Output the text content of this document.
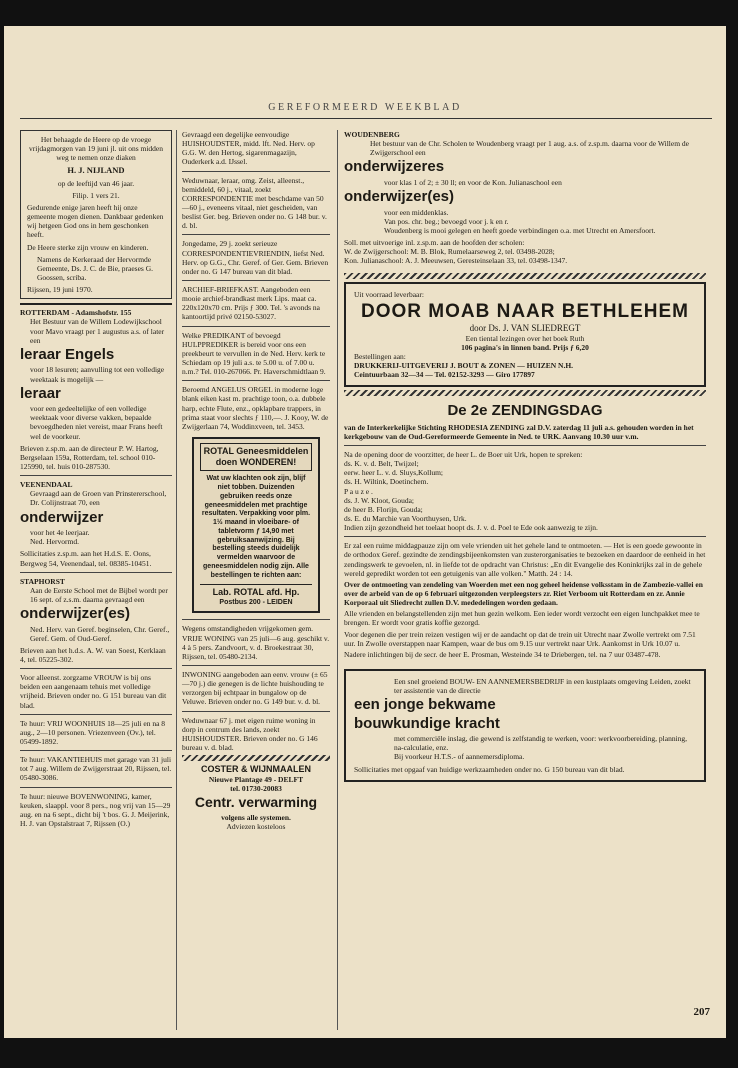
GEREFORMEERD WEEKBLAD

Het behaagde de Heere op de vroege vrijdagmorgen van 19 juni jl. uit ons midden weg te nemen onze diaken

H. J. NIJLAND

op de leeftijd van 46 jaar.

Filip. 1 vers 21.

Gedurende enige jaren heeft hij onze gemeente mogen dienen. Dankbaar gedenken wij hetgeen God ons in hem geschonken heeft.

De Heere sterke zijn vrouw en kinderen.

Namens de Kerkeraad der Hervormde Gemeente, Ds. J. C. de Bie, praeses G. Goossen, scriba.

Rijssen, 19 juni 1970.

ROTTERDAM - Adamshofstr. 155

Het Bestuur van de Willem Lodewijkschool voor Mavo vraagt per 1 augustus a.s. of later een

leraar Engels

voor 18 lesuren; aanvulling tot een volledige weektaak is mogelijk —

leraar

voor een gedeeltelijke of een volledige weektaak voor diverse vakken, bepaalde bevoegdheden niet vereist, maar Frans heeft wel de voorkeur.

Brieven z.sp.m. aan de directeur P. W. Hartog, Bergselaan 159a, Rotterdam, tel. school 010-125990, tel. huis 010-287530.

VEENENDAAL

Gevraagd aan de Groen van Prinstererschool, Dr. Colijnstraat 70, een

onderwijzer

voor het 4e leerjaar.

Ned. Hervormd.

Sollicitaties z.sp.m. aan het H.d.S. E. Oons, Bergweg 54, Veenendaal, tel. 08385-10451.

STAPHORST

Aan de Eerste School met de Bijbel wordt per 16 sept. of z.s.m. daarna gevraagd een

onderwijzer(es)

Ned. Herv. van Geref. beginselen, Chr. Geref., Geref. Gem. of Oud-Geref.

Brieven aan het h.d.s. A. W. van Soest, Kerklaan 4, tel. 05225-302.

Voor alleenst. zorgzame VROUW is bij ons beiden een aangenaam tehuis met volledige vrijheid. Brieven onder no. G 151 bureau van dit blad.

Te huur: VRIJ WOONHUIS 18—25 juli en na 8 aug., 2—10 personen. Vriezenveen (Ov.), tel. 05499-1892.

Te huur: VAKANTIEHUIS met garage van 31 juli tot 7 aug. Willem de Zwijgerstraat 20, Rijssen, tel. 05480-3086.

Te huur: nieuwe BOVENWONING, kamer, keuken, slaappl. voor 8 pers., nog vrij van 15—29 aug. en na 6 sept., dicht bij 't bos. G. J. Meijerink, H. J. van Opstalstraat 7, Rijssen (O.)

Gevraagd een degelijke eenvoudige HUISHOUDSTER, midd. lft. Ned. Herv. op G.G. W. den Hertog, sigarenmagazijn, Ouderkerk a.d. IJssel.

Weduwnaar, leraar, omg. Zeist, alleenst., bemiddeld, 60 j., vitaal, zoekt CORRESPONDENTIE met beschdame van 50—60 j., eveneens vitaal, niet gescheiden, van beslist Ger. beg. Brieven onder no. G 148 bur. v. d. bl.

Jongedame, 29 j. zoekt serieuze CORRESPONDENTIEVRIENDIN, liefst Ned. Herv. op G.G., Chr. Geref. of Ger. Gem. Brieven onder no. G 147 bureau van dit blad.

ARCHIEF-BRIEFKAST. Aangeboden een mooie archief-brandkast merk Lips. maat ca. 220x120x70 cm. Prijs ƒ 300. Tel. 's avonds na kantoortijd privé 02150-53027.

Welke PREDIKANT of bevoegd HULPPREDIKER is bereid voor ons een preekbeurt te vervullen in de Ned. Herv. kerk te Schiedam op 19 juli a.s. te 5.00 u. of 7.00 u. n.m.? Tel. 010-267066. Pr. Haverschmidtlaan 9.

Beroemd ANGELUS ORGEL in moderne loge blank eiken kast m. prachtige toon, o.a. dubbele harp, echte Flute, enz., opklapbare trappers, in prima staat voor slechts ƒ 110,—. J. Kooy, W. de Zwijgerlaan 74, Woddinxveen, tel. 3453.

ROTAL Geneesmiddelen doen WONDEREN!

Wat uw klachten ook zijn, blijf niet tobben. Duizenden gebruiken reeds onze geneesmiddelen met prachtige resultaten. Verpakking voor plm. 1½ maand in vloeibare- of tabletvorm ƒ 14,90 met gebruiksaanwijzing. Bij bestelling steeds duidelijk vermelden waarvoor de geneesmiddelen nodig zijn. Alle bestellingen te richten aan:

Lab. ROTAL afd. Hp.

Postbus 200 - LEIDEN

Wegens omstandigheden vrijgekomen gem. VRIJE WONING van 25 juli—6 aug. geschikt v. 4 à 5 pers. Zandvoort, v. d. Broekestraat 30, Rijssen, tel. 05480-2134.

INWONING aangeboden aan eenv. vrouw (± 65—70 j.) die genegen is de lichte huishouding te verzorgen bij echtpaar in bungalow op de Veluwe. Brieven onder no. G 149 bur. v. d. bl.

Weduwnaar 67 j. met eigen ruime woning in dorp in centrum des lands, zoekt HUISHOUDSTER. Brieven onder no. G 146 bureau v. d. blad.

COSTER & WIJNMAALEN

Nieuwe Plantage 49 - DELFT

tel. 01730-20083

Centr. verwarming

volgens alle systemen.

Adviezen kosteloos

WOUDENBERG

Het bestuur van de Chr. Scholen te Woudenberg vraagt per 1 aug. a.s. of z.sp.m. daarna voor de Willem de Zwijgerschool een

onderwijzeres

voor klas 1 of 2; ± 30 ll; en voor de Kon. Julianaschool een

onderwijzer(es)

voor een middenklas.

Van pos. chr. beg.; bevoegd voor j. k en r.

Woudenberg is mooi gelegen en heeft goede verbindingen o.a. met Utrecht en Amersfoort.

Soll. met uitvoerige inl. z.sp.m. aan de hoofden der scholen:

W. de Zwijgerschool: M. B. Blok, Rumelaarseweg 2, tel. 03498-2028;

Kon. Julianaschool: A. J. Meeuwsen, Geresteinselaan 33, tel. 03498-1347.

Uit voorraad leverbaar:

DOOR MOAB NAAR BETHLEHEM

door Ds. J. VAN SLIEDREGT

Een tiental lezingen over het boek Ruth

106 pagina's in linnen band. Prijs ƒ 6,20

Bestellingen aan:

DRUKKERIJ-UITGEVERIJ J. BOUT & ZONEN — HUIZEN N.H.

Ceintuurbaan 32—34 — Tel. 02152-3293 — Giro 177897

De 2e ZENDINGSDAG

van de Interkerkelijke Stichting RHODESIA ZENDING zal D.V. zaterdag 11 juli a.s. gehouden worden in het kerkgebouw van de Oud-Gereformeerde Gemeente in Ned. te URK. Aanvang 10.30 uur v.m.

Na de opening door de voorzitter, de heer L. de Boer uit Urk, hopen te spreken:

ds. K. v. d. Belt, Twijzel;

eerw. heer L. v. d. Sluys,Kollum;

ds. H. Wiltink, Doetinchem.

P a u z e .

ds. J. W. Kloot, Gouda;

de heer B. Florijn, Gouda;

ds. E. du Marchie van Voorthuysen, Urk.

Indien zijn gezondheid het toelaat hoopt ds. J. v. d. Poel te Ede ook aanwezig te zijn.

Er zal een ruime middagpauze zijn om vele vrienden uit het gehele land te ontmoeten. — Het is een goede gewoonte in de orthodox Geref. gezindte de zendingsbijeenkomsten van zusterorganisaties te bezoeken en daardoor de eenheid in het zendingswerk te gevoelen, nl. in liefde tot de opdracht van Christus: „En dit Evangelie des Koninkrijks zal in de gehele wereld gepredikt worden tot een getuigenis van alle volken." Matth. 24 : 14.

Over de ontmoeting van zendeling van Woerden met een nog geheel heidense volksstam in de Zambezie-vallei en over de arbeid van de op 6 februari uitgezonden verpleegsters zr. Riet Verboom uit Rotterdam en zr. Annie Korporaal uit Sliedrecht zullen D.V. mededelingen worden gedaan.

Alle vrienden en belangstellenden zijn met hun gezin welkom. Een ieder wordt verzocht een eigen lunchpakket mee te brengen. Er wordt voor gratis koffie gezorgd.

Voor degenen die per trein reizen vestigen wij er de aandacht op dat de trein uit Utrecht naar Zwolle vertrekt om 7.51 uur. In Zwolle overstappen naar Kampen, waar de bus om 9.15 uur vertrekt naar Urk. Aankomst in Urk 10.07 u.

Nadere inlichtingen bij de secr. de heer E. Prosman, Westeinde 34 te Driebergen, tel. na 7 uur 03487-478.

Een snel groeiend BOUW- EN AANNEMERSBEDRIJF in een kustplaats omgeving Leiden, zoekt ter assistentie van de directie

een jonge bekwame

bouwkundige kracht

met commerciële inslag, die gewend is zelfstandig te werken, voor: werkvoorbereiding, planning, na-calculatie, enz.

Bij voorkeur H.T.S.- of aannemersdiploma.

Sollicitaties met opgaaf van huidige werkzaamheden onder no. G 150 bureau van dit blad.

207
